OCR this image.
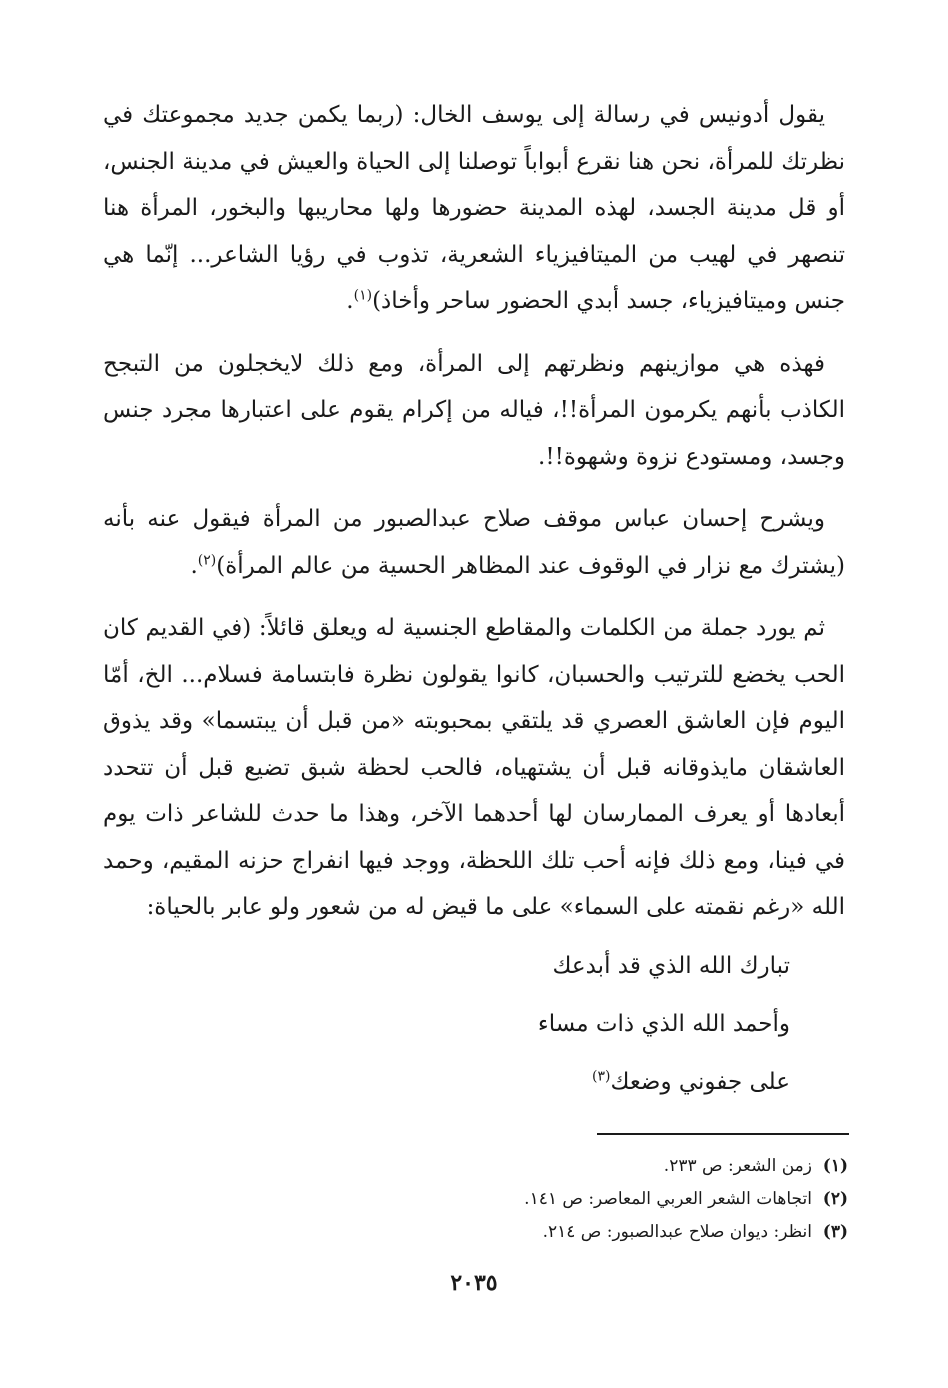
يقول أدونيس في رسالة إلى يوسف الخال: (ربما يكمن جديد مجموعتك في نظرتك للمرأة، نحن هنا نقرع أبواباً توصلنا إلى الحياة والعيش في مدينة الجنس، أو قل مدينة الجسد، لهذه المدينة حضورها ولها محاريبها والبخور، المرأة هنا تنصهر في لهيب من الميتافيزياء الشعرية، تذوب في رؤيا الشاعر... إنّما هي جنس وميتافيزياء، جسد أبدي الحضور ساحر وأخاذ)$^{(١)}$.

فهذه هي موازينهم ونظرتهم إلى المرأة، ومع ذلك لايخجلون من التبجح الكاذب بأنهم يكرمون المرأة!!، فياله من إكرام يقوم على اعتبارها مجرد جنس وجسد، ومستودع نزوة وشهوة!!.

ويشرح إحسان عباس موقف صلاح عبدالصبور من المرأة فيقول عنه بأنه (يشترك مع نزار في الوقوف عند المظاهر الحسية من عالم المرأة)$^{(٢)}$.

ثم يورد جملة من الكلمات والمقاطع الجنسية له ويعلق قائلاً: (في القديم كان الحب يخضع للترتيب والحسبان، كانوا يقولون نظرة فابتسامة فسلام... الخ، أمّا اليوم فإن العاشق العصري قد يلتقي بمحبوبته «من قبل أن يبتسما» وقد يذوق العاشقان مايذوقانه قبل أن يشتهياه، فالحب لحظة شبق تضيع قبل أن تتحدد أبعادها أو يعرف الممارسان لها أحدهما الآخر، وهذا ما حدث للشاعر ذات يوم في فينا، ومع ذلك فإنه أحب تلك اللحظة، ووجد فيها انفراج حزنه المقيم، وحمد الله «رغم نقمته على السماء» على ما قيض له من شعور ولو عابر بالحياة:

تبارك الله الذي قد أبدعك
وأحمد الله الذي ذات مساء
على جفوني وضعك$^{(٣)}$
(١)
زمن الشعر: ص ٢٣٣.
(٢)
اتجاهات الشعر العربي المعاصر: ص ١٤١.
(٣)
انظر: ديوان صلاح عبدالصبور: ص ٢١٤.
٢٠٣٥
